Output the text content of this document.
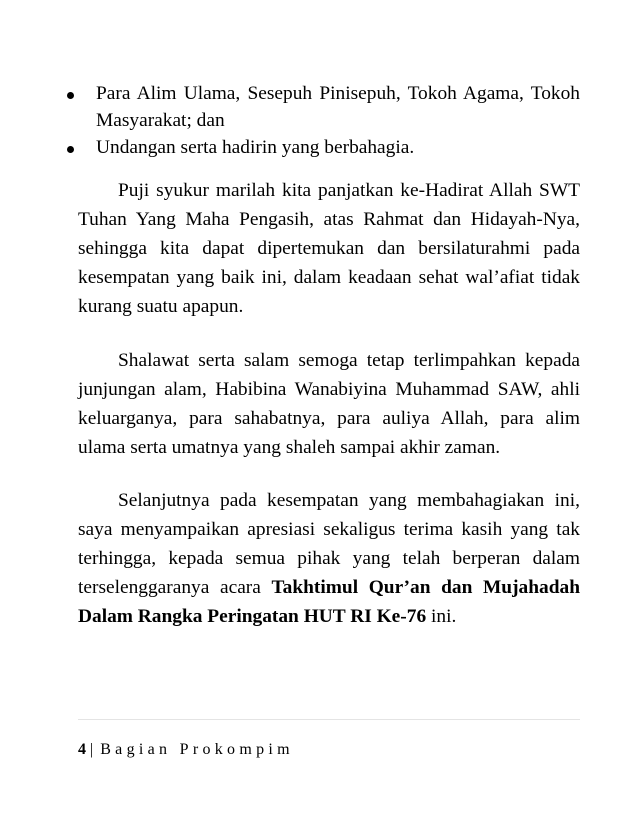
Para Alim Ulama, Sesepuh Pinisepuh, Tokoh Agama, Tokoh Masyarakat; dan
Undangan serta hadirin yang berbahagia.

Puji syukur marilah kita panjatkan ke-Hadirat Allah SWT Tuhan Yang Maha Pengasih, atas Rahmat dan Hidayah-Nya, sehingga kita dapat dipertemukan dan bersilaturahmi pada kesempatan yang baik ini, dalam keadaan sehat wal’afiat tidak kurang suatu apapun.

Shalawat serta salam semoga tetap terlimpahkan kepada junjungan alam, Habibina Wanabiyina Muhammad SAW, ahli keluarganya, para sahabatnya, para auliya Allah, para alim ulama serta umatnya yang shaleh sampai akhir zaman.

Selanjutnya pada kesempatan yang membahagiakan ini, saya menyampaikan apresiasi sekaligus terima kasih yang tak terhingga, kepada semua pihak yang telah berperan dalam terselenggaranya acara Takhtimul Qur’an dan Mujahadah Dalam Rangka Peringatan HUT RI Ke-76 ini.

4 | Bagian Prokompim
